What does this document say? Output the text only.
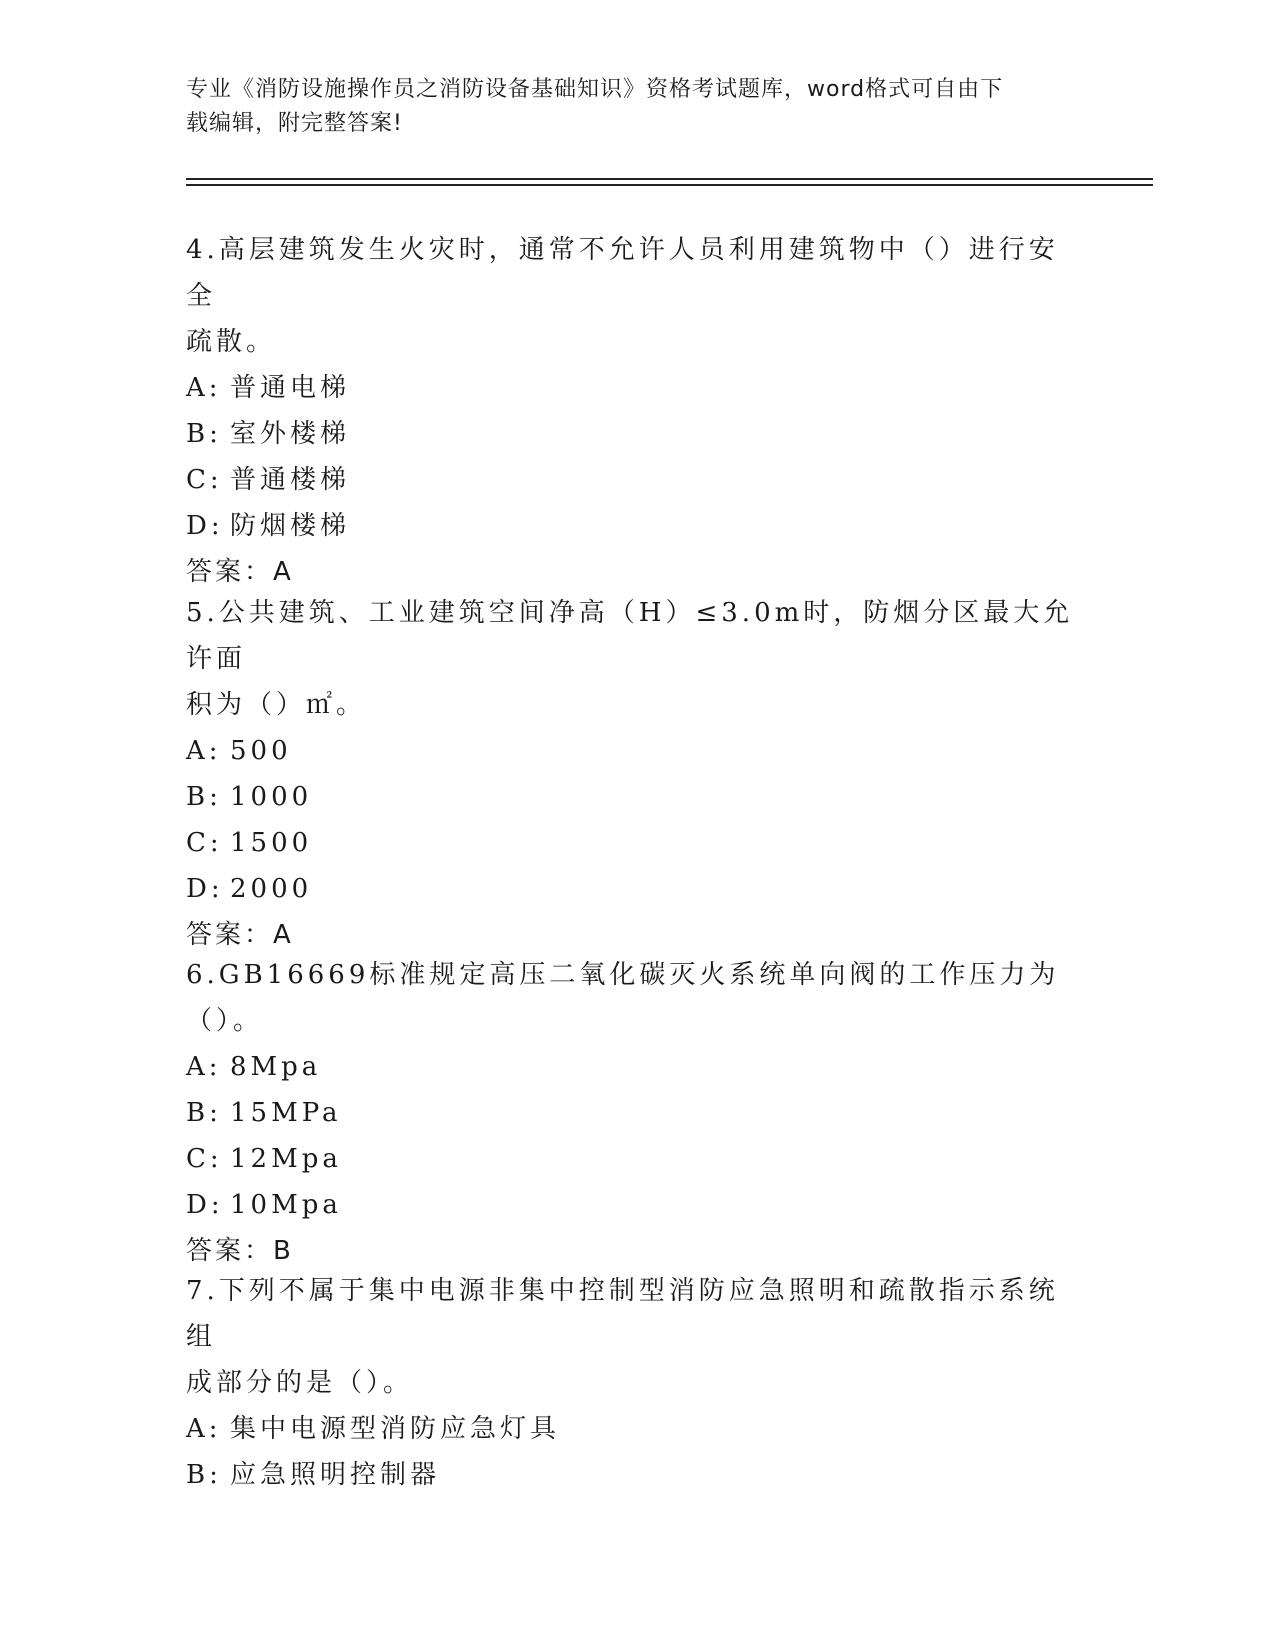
专业《消防设施操作员之消防设备基础知识》资格考试题库，word格式可自由下
载编辑，附完整答案!
4.高层建筑发生火灾时，通常不允许人员利用建筑物中（）进行安全
疏散。
A: 普通电梯
B: 室外楼梯
C: 普通楼梯
D: 防烟楼梯
答案：A
5.公共建筑、工业建筑空间净高（H）≤3.0m时，防烟分区最大允许面
积为（）㎡。
A: 500
B: 1000
C: 1500
D: 2000
答案：A
6.GB16669标准规定高压二氧化碳灭火系统单向阀的工作压力为（）。
A: 8Mpa
B: 15MPa
C: 12Mpa
D: 10Mpa
答案：B
7.下列不属于集中电源非集中控制型消防应急照明和疏散指示系统组
成部分的是（）。
A: 集中电源型消防应急灯具
B: 应急照明控制器
